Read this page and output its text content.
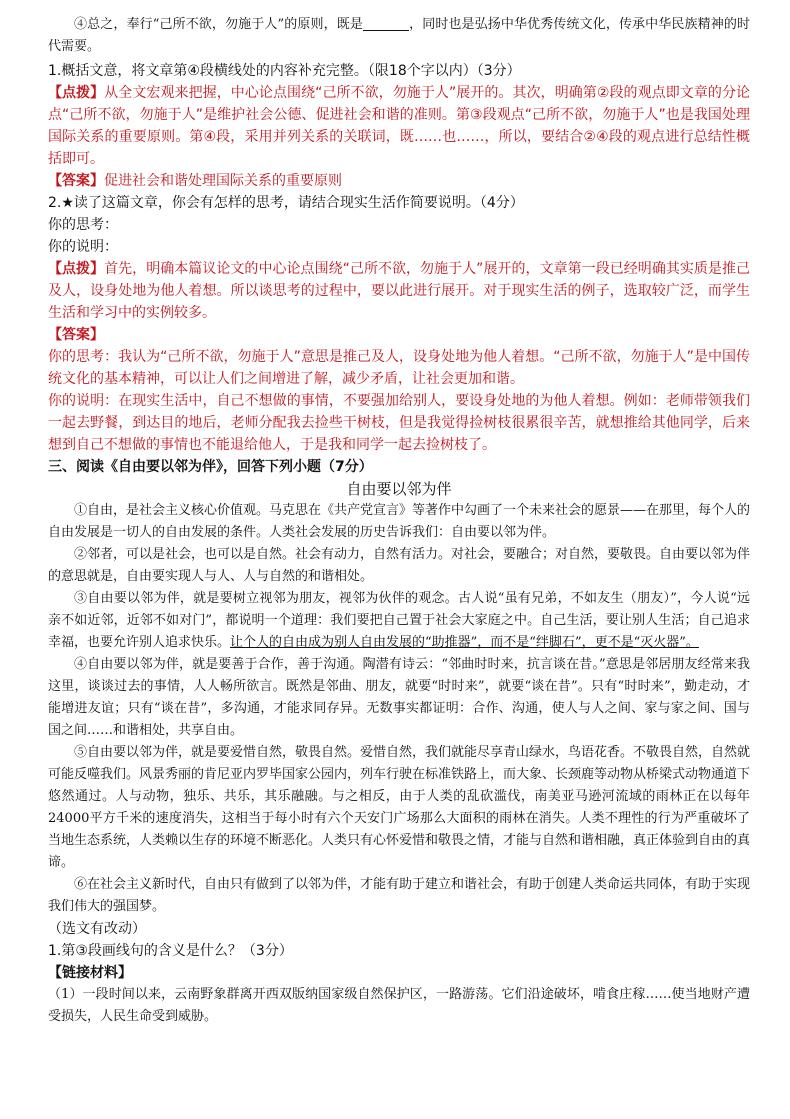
④总之，奉行“己所不欲，勿施于人”的原则，既是	，同时也是弘扬中华优秀传统文化，传承中华民族精神的时代需要。

1.概括文意，将文章第④段横线处的内容补充完整。（限18个字以内）（3分）

【点拨】从全文宏观来把握，中心论点围绕“己所不欲，勿施于人”展开的。其次，明确第②段的观点即文章的分论点“己所不欲，勿施于人”是维护社会公德、促进社会和谐的准则。第③段观点“己所不欲，勿施于人”也是我国处理国际关系的重要原则。第④段，采用并列关系的关联词，既……也……，所以，要结合②④段的观点进行总结性概括即可。

【答案】促进社会和谐处理国际关系的重要原则

2.★读了这篇文章，你会有怎样的思考，请结合现实生活作简要说明。（4分）

你的思考：

你的说明：

【点拨】首先，明确本篇议论文的中心论点围绕“己所不欲，勿施于人”展开的，文章第一段已经明确其实质是推己及人，设身处地为他人着想。所以谈思考的过程中，要以此进行展开。对于现实生活的例子，选取较广泛，而学生生活和学习中的实例较多。

【答案】

你的思考：我认为“己所不欲，勿施于人”意思是推己及人，设身处地为他人着想。“己所不欲，勿施于人”是中国传统文化的基本精神，可以让人们之间增进了解，减少矛盾，让社会更加和谐。

你的说明：在现实生活中，自己不想做的事情，不要强加给别人，要设身处地的为他人着想。例如：老师带领我们一起去野餐，到达目的地后，老师分配我去捡些干树枝，但是我觉得捡树枝很累很辛苦，就想推给其他同学，后来想到自己不想做的事情也不能退给他人，于是我和同学一起去捡树枝了。

三、阅读《自由要以邻为伴》，回答下列小题（7分）

自由要以邻为伴

①自由，是社会主义核心价值观。马克思在《共产党宣言》等著作中勾画了一个未来社会的愿景——在那里，每个人的自由发展是一切人的自由发展的条件。人类社会发展的历史告诉我们：自由要以邻为伴。

②邻者，可以是社会，也可以是自然。社会有动力，自然有活力。对社会，要融合；对自然，要敬畏。自由要以邻为伴的意思就是，自由要实现人与人、人与自然的和谐相处。

③自由要以邻为伴，就是要树立视邻为朋友，视邻为伙伴的观念。古人说“虽有兄弟，不如友生（朋友）”，今人说“远亲不如近邻，近邻不如对门”，都说明一个道理：我们要把自己置于社会大家庭之中。自己生活，要让别人生活；自己追求幸福，也要允许别人追求快乐。让个人的自由成为别人自由发展的“助推器”，而不是“绊脚石”，更不是“灭火器”。

④自由要以邻为伴，就是要善于合作，善于沟通。陶潜有诗云：“邻曲时时来，抗言谈在昔。”意思是邻居朋友经常来我这里，谈谈过去的事情，人人畅所欲言。既然是邻曲、朋友，就要“时时来”，就要“谈在昔”。只有“时时来”，勤走动，才能增进友谊；只有“谈在昔”，多沟通，才能求同存异。无数事实都证明：合作、沟通，使人与人之间、家与家之间、国与国之间……和谐相处，共享自由。

⑤自由要以邻为伴，就是要爱惜自然，敬畏自然。爱惜自然，我们就能尽享青山绿水，鸟语花香。不敬畏自然，自然就可能反噬我们。风景秀丽的肯尼亚内罗毕国家公园内，列车行驶在标准铁路上，而大象、长颈鹿等动物从桥梁式动物通道下悠然通过。人与动物，独乐、共乐，其乐融融。与之相反，由于人类的乱砍滥伐，南美亚马逊河流域的雨林正在以每年24000平方千米的速度消失，这相当于每小时有六个天安门广场那么大面积的雨林在消失。人类不理性的行为严重破坏了当地生态系统，人类赖以生存的环境不断恶化。人类只有心怀爱惜和敬畏之情，才能与自然和谐相融，真正体验到自由的真谛。

⑥在社会主义新时代，自由只有做到了以邻为伴，才能有助于建立和谐社会，有助于创建人类命运共同体，有助于实现我们伟大的强国梦。

（选文有改动）

1.第③段画线句的含义是什么？（3分）

【链接材料】

（1）一段时间以来，云南野象群离开西双版纳国家级自然保护区，一路游荡。它们沿途破坏，啃食庄稼……使当地财产遭受损失，人民生命受到威胁。
